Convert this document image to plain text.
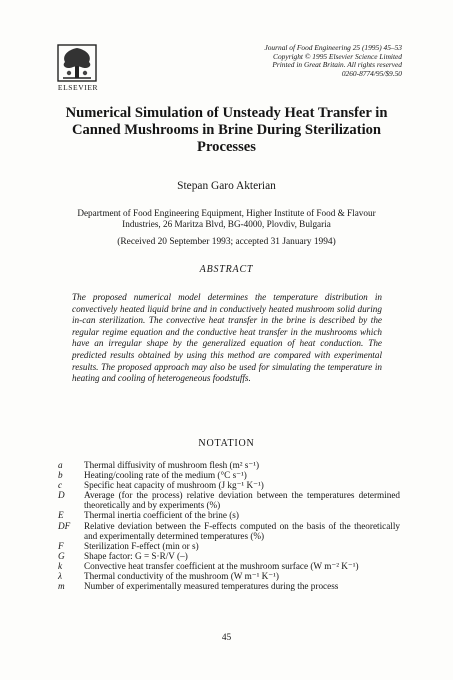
ELSEVIER
Journal of Food Engineering 25 (1995) 45–53
Copyright © 1995 Elsevier Science Limited
Printed in Great Britain. All rights reserved
0260-8774/95/$9.50
Numerical Simulation of Unsteady Heat Transfer in Canned Mushrooms in Brine During Sterilization Processes
Stepan Garo Akterian
Department of Food Engineering Equipment, Higher Institute of Food & Flavour Industries, 26 Maritza Blvd, BG-4000, Plovdiv, Bulgaria
(Received 20 September 1993; accepted 31 January 1994)
ABSTRACT
The proposed numerical model determines the temperature distribution in convectively heated liquid brine and in conductively heated mushroom solid during in-can sterilization. The convective heat transfer in the brine is described by the regular regime equation and the conductive heat transfer in the mushrooms which have an irregular shape by the generalized equation of heat conduction. The predicted results obtained by using this method are compared with experimental results. The proposed approach may also be used for simulating the temperature in heating and cooling of heterogeneous foodstuffs.
NOTATION
a	Thermal diffusivity of mushroom flesh (m² s⁻¹)
b	Heating/cooling rate of the medium (°C s⁻¹)
c	Specific heat capacity of mushroom (J kg⁻¹ K⁻¹)
D	Average (for the process) relative deviation between the temperatures determined theoretically and by experiments (%)
E	Thermal inertia coefficient of the brine (s)
DF	Relative deviation between the F-effects computed on the basis of the theoretically and experimentally determined temperatures (%)
F	Sterilization F-effect (min or s)
G	Shape factor: G = S·R/V (–)
k	Convective heat transfer coefficient at the mushroom surface (W m⁻² K⁻¹)
λ	Thermal conductivity of the mushroom (W m⁻¹ K⁻¹)
m	Number of experimentally measured temperatures during the process
45
